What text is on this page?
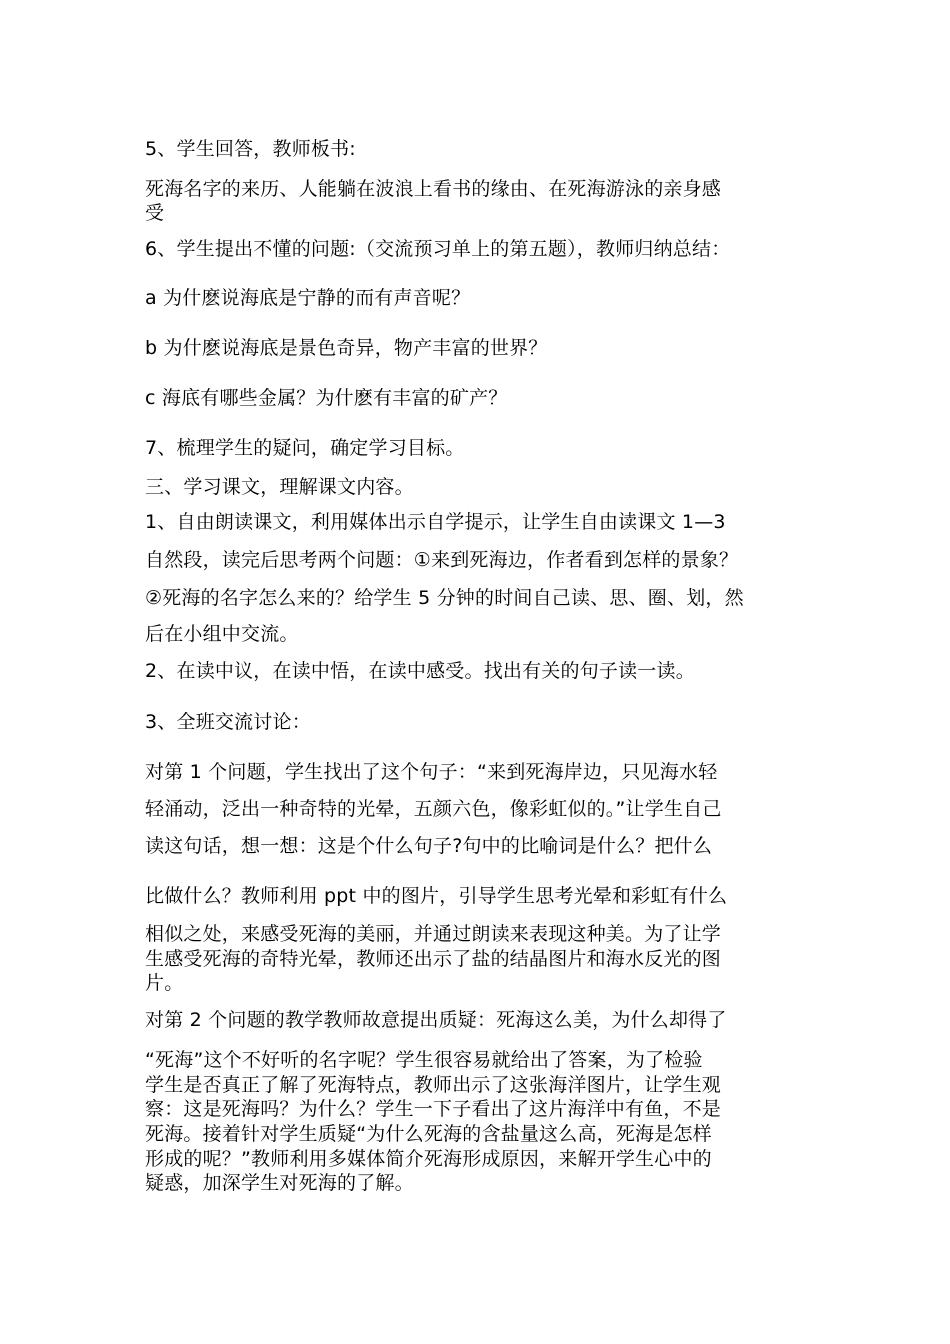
5、学生回答，教师板书:
死海名字的来历、人能躺在波浪上看书的缘由、在死海游泳的亲身感
受
6、学生提出不懂的问题:（交流预习单上的第五题），教师归纳总结：
a 为什麽说海底是宁静的而有声音呢？
b 为什麽说海底是景色奇异，物产丰富的世界？
c 海底有哪些金属？为什麽有丰富的矿产？
7、梳理学生的疑问，确定学习目标。
三、学习课文，理解课文内容。
1、自由朗读课文，利用媒体出示自学提示，让学生自由读课文 1—3
自然段，读完后思考两个问题：①来到死海边，作者看到怎样的景象？
②死海的名字怎么来的？给学生 5 分钟的时间自己读、思、圈、划，然
后在小组中交流。
2、在读中议，在读中悟，在读中感受。找出有关的句子读一读。
3、全班交流讨论：
对第 1 个问题，学生找出了这个句子：“来到死海岸边，只见海水轻
轻涌动，泛出一种奇特的光晕，五颜六色，像彩虹似的。”让学生自己
读这句话，想一想：这是个什么句子?句中的比喻词是什么？把什么
比做什么？教师利用 ppt 中的图片，引导学生思考光晕和彩虹有什么
相似之处，来感受死海的美丽，并通过朗读来表现这种美。为了让学
生感受死海的奇特光晕，教师还出示了盐的结晶图片和海水反光的图
片。
对第 2 个问题的教学教师故意提出质疑：死海这么美，为什么却得了
“死海”这个不好听的名字呢？学生很容易就给出了答案，为了检验
学生是否真正了解了死海特点，教师出示了这张海洋图片，让学生观
察：这是死海吗？为什么？学生一下子看出了这片海洋中有鱼，不是
死海。接着针对学生质疑“为什么死海的含盐量这么高，死海是怎样
形成的呢？”教师利用多媒体简介死海形成原因，来解开学生心中的
疑惑，加深学生对死海的了解。
